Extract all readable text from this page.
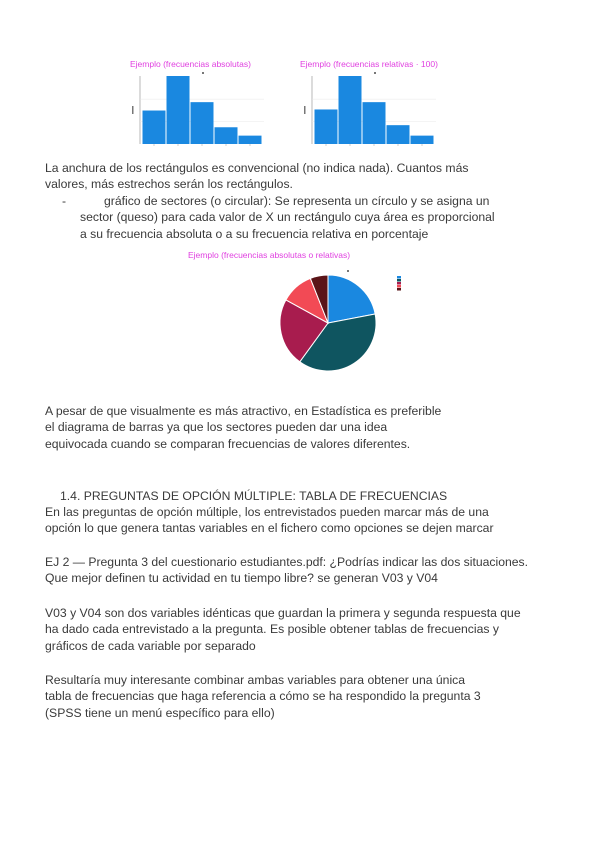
Ejemplo (frecuencias absolutas)	Ejemplo (frecuencias relativas · 100)

La anchura de los rectángulos es convencional (no indica nada). Cuantos más
valores, más estrechos serán los rectángulos.

-	gráfico de sectores (o circular): Se representa un círculo y se asigna un
sector (queso) para cada valor de X un rectángulo cuya área es proporcional
a su frecuencia absoluta o a su frecuencia relativa en porcentaje

Ejemplo (frecuencias absolutas o relativas)

A pesar de que visualmente es más atractivo, en Estadística es preferible
el diagrama de barras ya que los sectores pueden dar una idea
equivocada cuando se comparan frecuencias de valores diferentes.

1.4. PREGUNTAS DE OPCIÓN MÚLTIPLE: TABLA DE FRECUENCIAS

En las preguntas de opción múltiple, los entrevistados pueden marcar más de una
opción lo que genera tantas variables en el fichero como opciones se dejen marcar

EJ 2 — Pregunta 3 del cuestionario estudiantes.pdf: ¿Podrías indicar las dos situaciones.
Que mejor definen tu actividad en tu tiempo libre? se generan V03 y V04

V03 y V04 son dos variables idénticas que guardan la primera y segunda respuesta que
ha dado cada entrevistado a la pregunta. Es posible obtener tablas de frecuencias y
gráficos de cada variable por separado

Resultaría muy interesante combinar ambas variables para obtener una única
tabla de frecuencias que haga referencia a cómo se ha respondido la pregunta 3
(SPSS tiene un menú específico para ello)
